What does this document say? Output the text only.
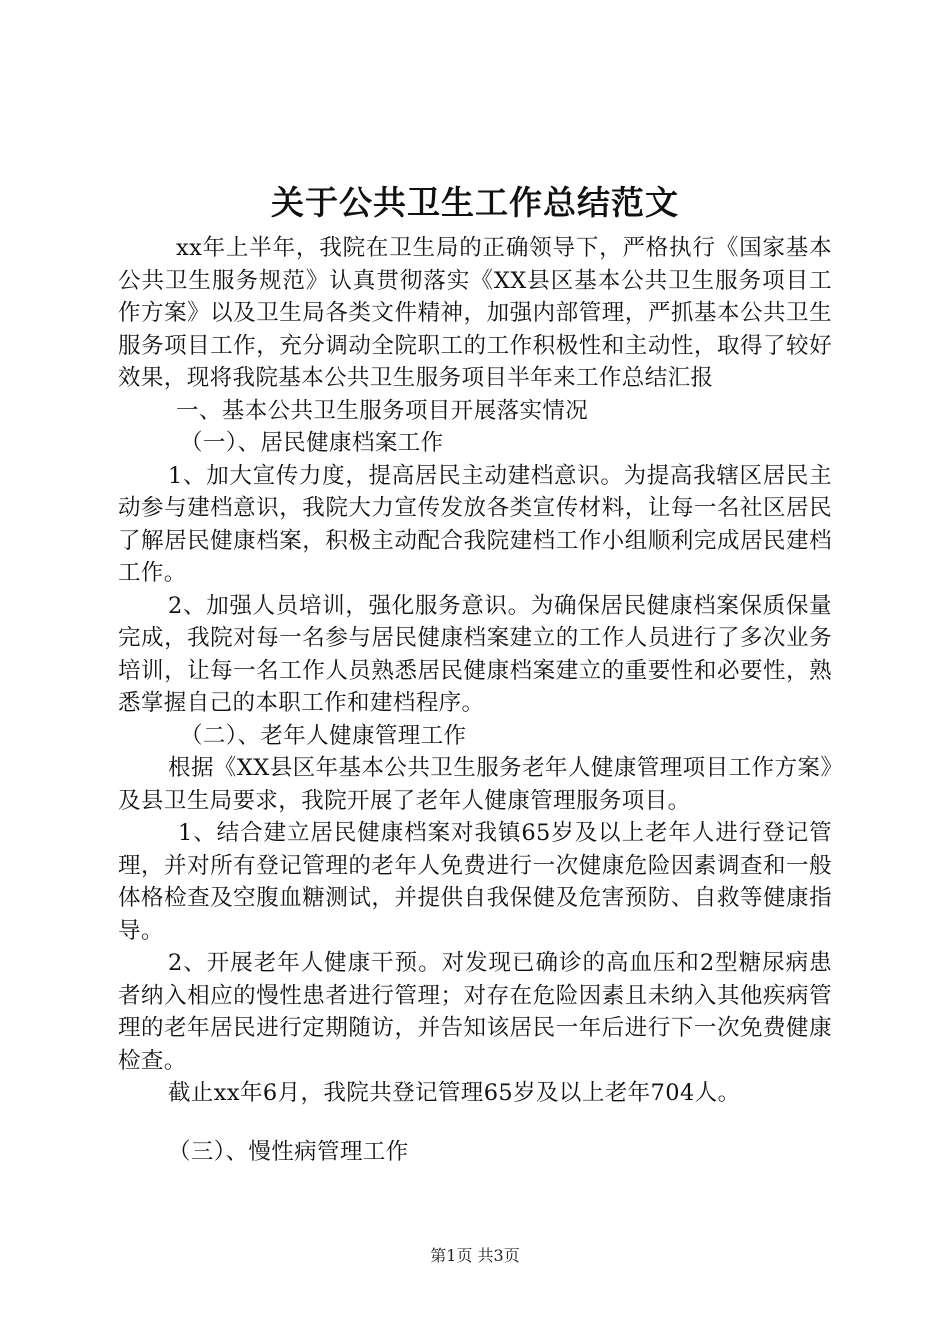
关于公共卫生工作总结范文

xx年上半年，我院在卫生局的正确领导下，严格执行《国家基本公共卫生服务规范》认真贯彻落实《XX县区基本公共卫生服务项目工作方案》以及卫生局各类文件精神，加强内部管理，严抓基本公共卫生服务项目工作，充分调动全院职工的工作积极性和主动性，取得了较好效果，现将我院基本公共卫生服务项目半年来工作总结汇报

一、基本公共卫生服务项目开展落实情况

（一）、居民健康档案工作

1、加大宣传力度，提高居民主动建档意识。为提高我辖区居民主动参与建档意识，我院大力宣传发放各类宣传材料，让每一名社区居民了解居民健康档案，积极主动配合我院建档工作小组顺利完成居民建档工作。

2、加强人员培训，强化服务意识。为确保居民健康档案保质保量完成，我院对每一名参与居民健康档案建立的工作人员进行了多次业务培训，让每一名工作人员熟悉居民健康档案建立的重要性和必要性，熟悉掌握自己的本职工作和建档程序。

（二）、老年人健康管理工作

根据《XX县区年基本公共卫生服务老年人健康管理项目工作方案》及县卫生局要求，我院开展了老年人健康管理服务项目。

1、结合建立居民健康档案对我镇65岁及以上老年人进行登记管理，并对所有登记管理的老年人免费进行一次健康危险因素调查和一般体格检查及空腹血糖测试，并提供自我保健及危害预防、自救等健康指导。

2、开展老年人健康干预。对发现已确诊的高血压和2型糖尿病患者纳入相应的慢性患者进行管理；对存在危险因素且未纳入其他疾病管理的老年居民进行定期随访，并告知该居民一年后进行下一次免费健康检查。

截止xx年6月，我院共登记管理65岁及以上老年704人。

（三）、慢性病管理工作

第1页 共3页
